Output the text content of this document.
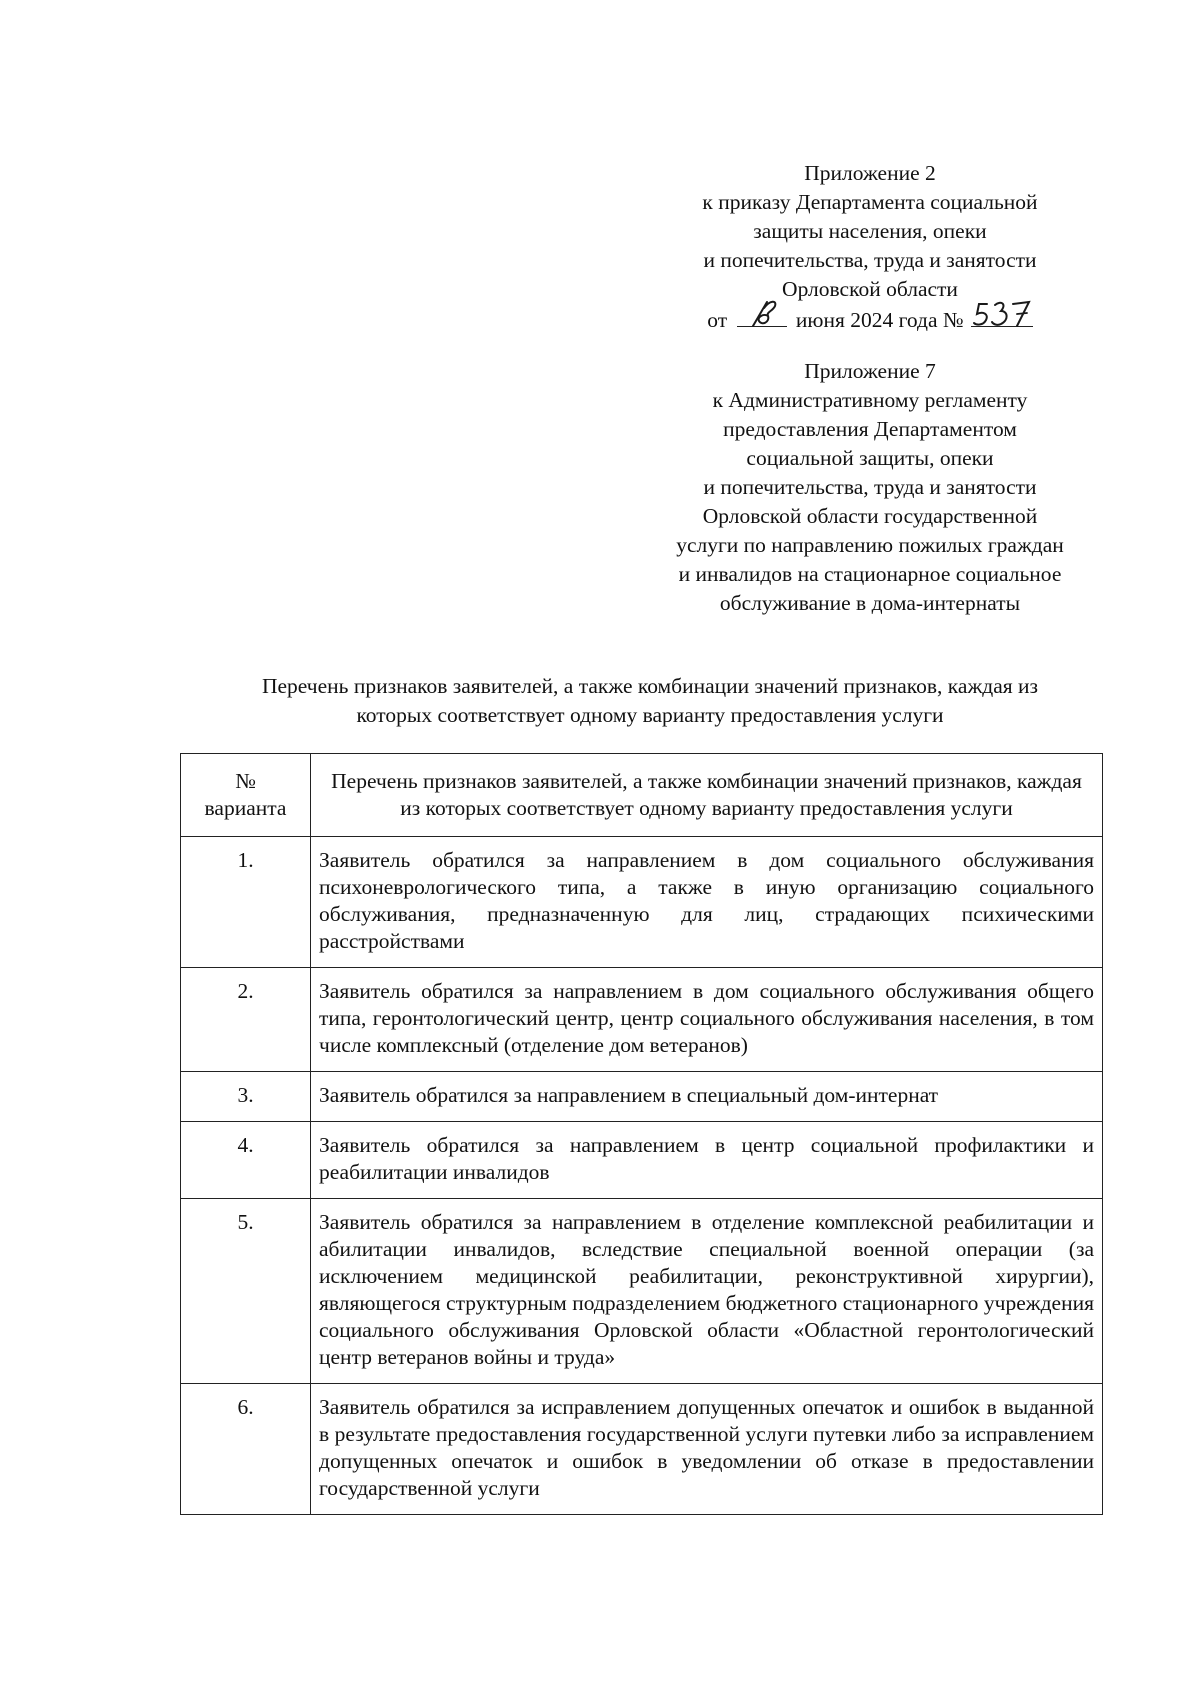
Приложение 2
к приказу Департамента социальной
защиты населения, опеки
и попечительства, труда и занятости
Орловской области
от	июня 2024 года №
Приложение 7
к Административному регламенту
предоставления Департаментом
социальной защиты, опеки
и попечительства, труда и занятости
Орловской области государственной
услуги по направлению пожилых граждан
и инвалидов на стационарное социальное
обслуживание в дома-интернаты
Перечень признаков заявителей, а также комбинации значений признаков, каждая из
которых соответствует одному варианту предоставления услуги
№
варианта	Перечень признаков заявителей, а также комбинации значений признаков, каждая из которых соответствует одному варианту предоставления услуги
1.	Заявитель обратился за направлением в дом социального обслуживания психоневрологического типа, а также в иную организацию социального обслуживания, предназначенную для лиц, страдающих психическими расстройствами
2.	Заявитель обратился за направлением в дом социального обслуживания общего типа, геронтологический центр, центр социального обслуживания населения, в том числе комплексный (отделение дом ветеранов)
3.	Заявитель обратился за направлением в специальный дом-интернат
4.	Заявитель обратился за направлением в центр социальной профилактики и реабилитации инвалидов
5.	Заявитель обратился за направлением в отделение комплексной реабилитации и абилитации инвалидов, вследствие специальной военной операции (за исключением медицинской реабилитации, реконструктивной хирургии), являющегося структурным подразделением бюджетного стационарного учреждения социального обслуживания Орловской области «Областной геронтологический центр ветеранов войны и труда»
6.	Заявитель обратился за исправлением допущенных опечаток и ошибок в выданной в результате предоставления государственной услуги путевки либо за исправлением допущенных опечаток и ошибок в уведомлении об отказе в предоставлении государственной услуги
